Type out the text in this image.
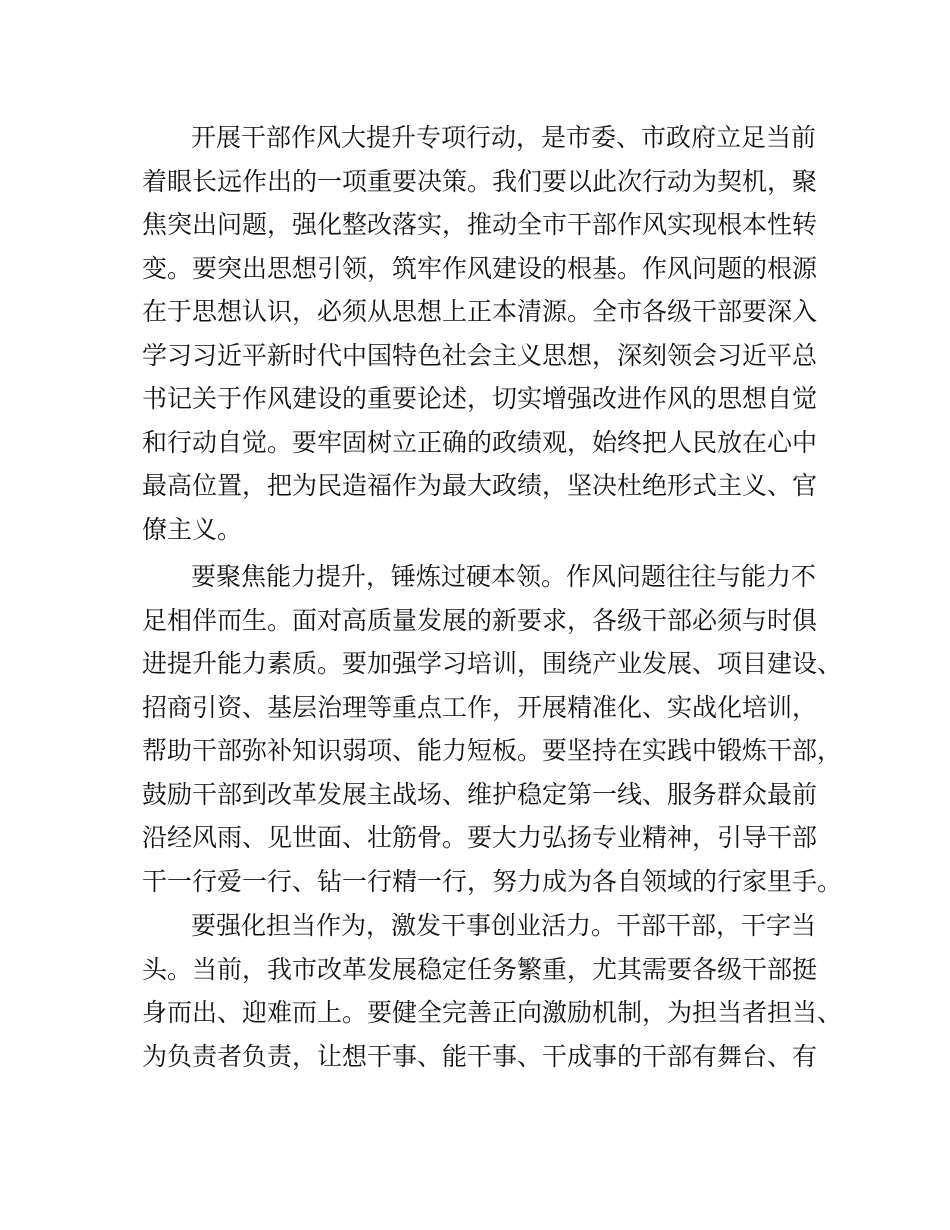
开展干部作风大提升专项行动，是市委、市政府立足当前
着眼长远作出的一项重要决策。我们要以此次行动为契机，聚
焦突出问题，强化整改落实，推动全市干部作风实现根本性转
变。要突出思想引领，筑牢作风建设的根基。作风问题的根源
在于思想认识，必须从思想上正本清源。全市各级干部要深入
学习习近平新时代中国特色社会主义思想，深刻领会习近平总
书记关于作风建设的重要论述，切实增强改进作风的思想自觉
和行动自觉。要牢固树立正确的政绩观，始终把人民放在心中
最高位置，把为民造福作为最大政绩，坚决杜绝形式主义、官
僚主义。
要聚焦能力提升，锤炼过硬本领。作风问题往往与能力不
足相伴而生。面对高质量发展的新要求，各级干部必须与时俱
进提升能力素质。要加强学习培训，围绕产业发展、项目建设、
招商引资、基层治理等重点工作，开展精准化、实战化培训，
帮助干部弥补知识弱项、能力短板。要坚持在实践中锻炼干部，
鼓励干部到改革发展主战场、维护稳定第一线、服务群众最前
沿经风雨、见世面、壮筋骨。要大力弘扬专业精神，引导干部
干一行爱一行、钻一行精一行，努力成为各自领域的行家里手。
要强化担当作为，激发干事创业活力。干部干部，干字当
头。当前，我市改革发展稳定任务繁重，尤其需要各级干部挺
身而出、迎难而上。要健全完善正向激励机制，为担当者担当、
为负责者负责，让想干事、能干事、干成事的干部有舞台、有
